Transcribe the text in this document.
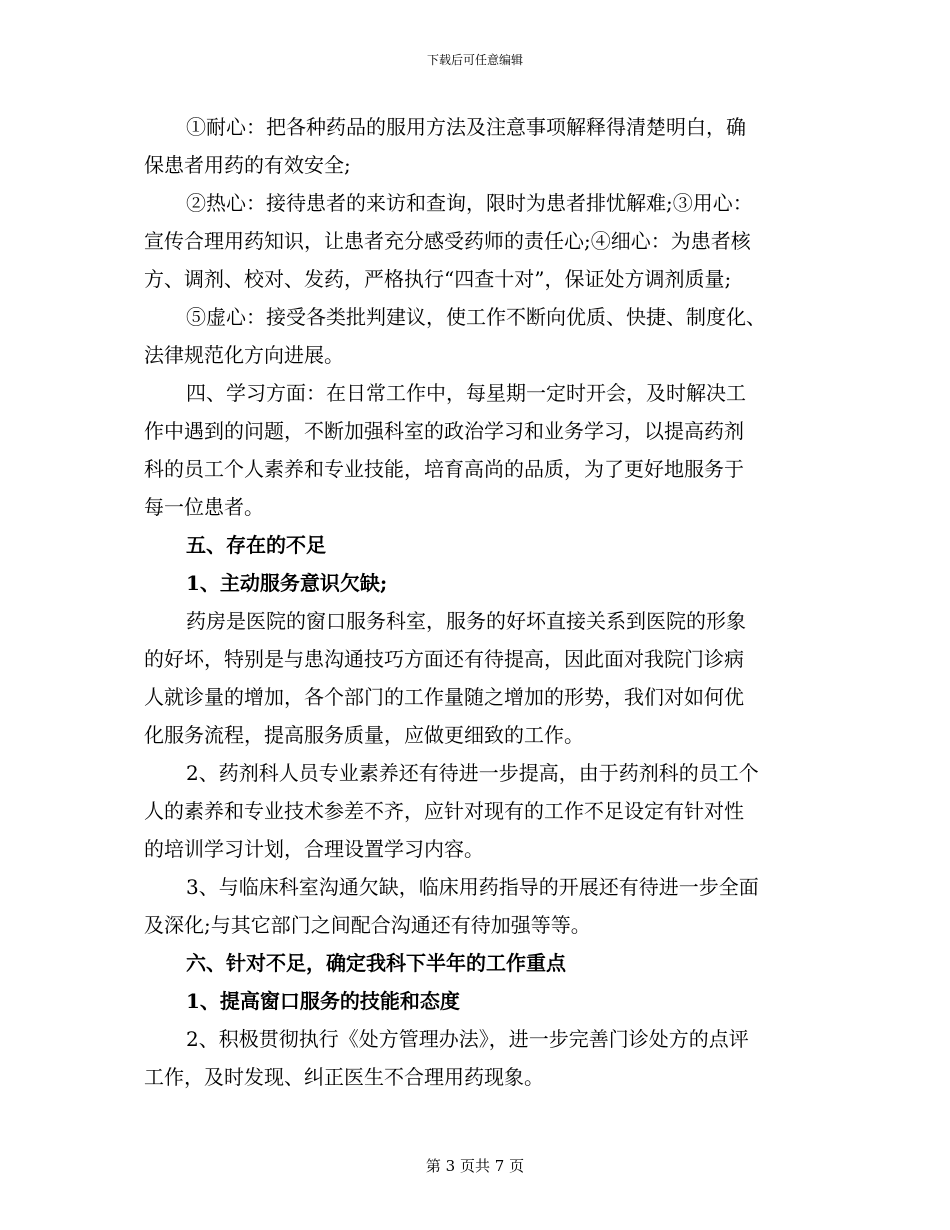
下载后可任意编辑
①耐心：把各种药品的服用方法及注意事项解释得清楚明白，确
保患者用药的有效安全;
②热心：接待患者的来访和查询，限时为患者排忧解难;③用心：
宣传合理用药知识，让患者充分感受药师的责任心;④细心：为患者核
方、调剂、校对、发药，严格执行“四查十对”，保证处方调剂质量;
⑤虚心：接受各类批判建议，使工作不断向优质、快捷、制度化、
法律规范化方向进展。
四、学习方面：在日常工作中，每星期一定时开会，及时解决工
作中遇到的问题，不断加强科室的政治学习和业务学习，以提高药剂
科的员工个人素养和专业技能，培育高尚的品质，为了更好地服务于
每一位患者。
五、存在的不足
1、主动服务意识欠缺;
药房是医院的窗口服务科室，服务的好坏直接关系到医院的形象
的好坏，特别是与患沟通技巧方面还有待提高，因此面对我院门诊病
人就诊量的增加，各个部门的工作量随之增加的形势，我们对如何优
化服务流程，提高服务质量，应做更细致的工作。
2、药剂科人员专业素养还有待进一步提高，由于药剂科的员工个
人的素养和专业技术参差不齐，应针对现有的工作不足设定有针对性
的培训学习计划，合理设置学习内容。
3、与临床科室沟通欠缺，临床用药指导的开展还有待进一步全面
及深化;与其它部门之间配合沟通还有待加强等等。
六、针对不足，确定我科下半年的工作重点
1、提高窗口服务的技能和态度
2、积极贯彻执行《处方管理办法》，进一步完善门诊处方的点评
工作，及时发现、纠正医生不合理用药现象。
第 3 页共 7 页
